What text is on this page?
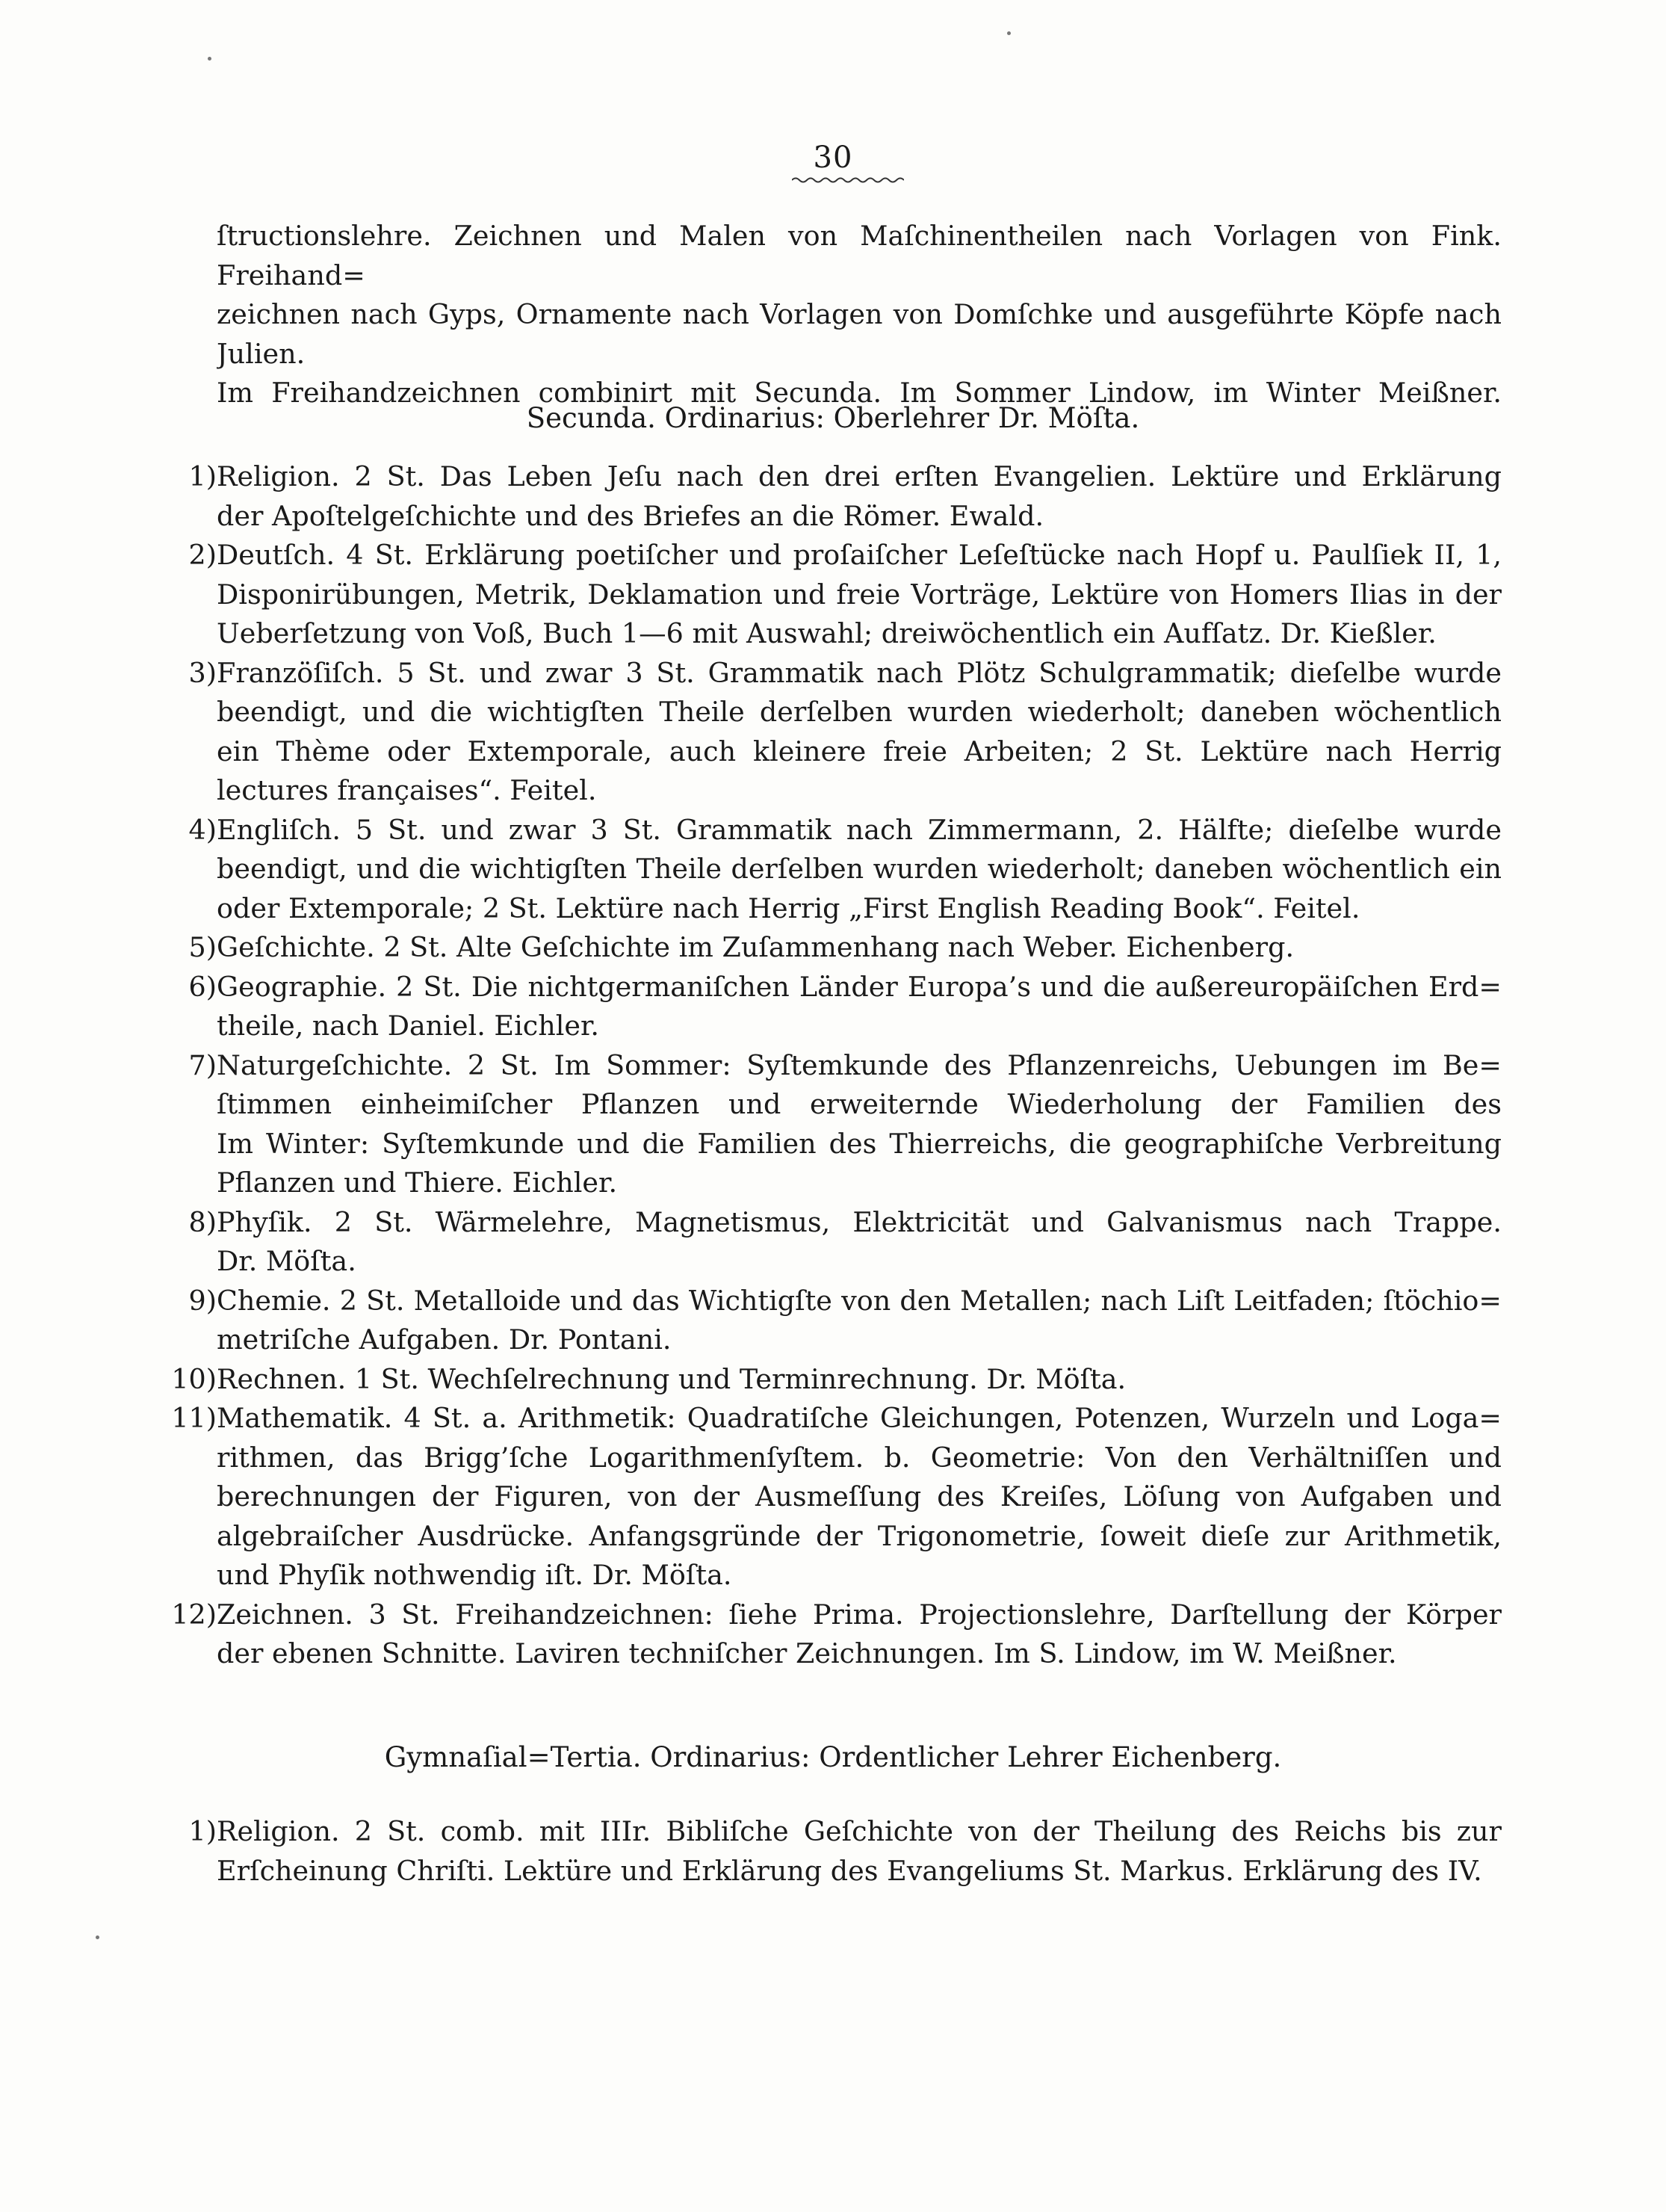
30
ſtructionslehre. Zeichnen und Malen von Maſchinentheilen nach Vorlagen von Fink. Freihand=
zeichnen nach Gyps, Ornamente nach Vorlagen von Domſchke und ausgeführte Köpfe nach Julien.
Im Freihandzeichnen combinirt mit Secunda. Im Sommer Lindow, im Winter Meißner.
Secunda. Ordinarius: Oberlehrer Dr. Möſta.
1) Religion. 2 St. Das Leben Jeſu nach den drei erſten Evangelien. Lektüre und Erklärung
der Apoſtelgeſchichte und des Briefes an die Römer. Ewald.
2) Deutſch. 4 St. Erklärung poetiſcher und proſaiſcher Leſeſtücke nach Hopf u. Paulſiek II, 1,
Disponirübungen, Metrik, Deklamation und freie Vorträge, Lektüre von Homers Ilias in der
Ueberſetzung von Voß, Buch 1—6 mit Auswahl; dreiwöchentlich ein Aufſatz. Dr. Kießler.
3) Franzöſiſch. 5 St. und zwar 3 St. Grammatik nach Plötz Schulgrammatik; dieſelbe wurde
beendigt, und die wichtigſten Theile derſelben wurden wiederholt; daneben wöchentlich
ein Thème oder Extemporale, auch kleinere freie Arbeiten; 2 St. Lektüre nach Herrig
lectures françaises“. Feitel.
4) Engliſch. 5 St. und zwar 3 St. Grammatik nach Zimmermann, 2. Hälfte; dieſelbe wurde
beendigt, und die wichtigſten Theile derſelben wurden wiederholt; daneben wöchentlich ein
oder Extemporale; 2 St. Lektüre nach Herrig „First English Reading Book“. Feitel.
5) Geſchichte. 2 St. Alte Geſchichte im Zuſammenhang nach Weber. Eichenberg.
6) Geographie. 2 St. Die nichtgermaniſchen Länder Europa’s und die außereuropäiſchen Erd=
theile, nach Daniel. Eichler.
7) Naturgeſchichte. 2 St. Im Sommer: Syſtemkunde des Pflanzenreichs, Uebungen im Be=
ſtimmen einheimiſcher Pflanzen und erweiternde Wiederholung der Familien des
Im Winter: Syſtemkunde und die Familien des Thierreichs, die geographiſche Verbreitung
Pflanzen und Thiere. Eichler.
8) Phyſik. 2 St. Wärmelehre, Magnetismus, Elektricität und Galvanismus nach Trappe.
Dr. Möſta.
9) Chemie. 2 St. Metalloide und das Wichtigſte von den Metallen; nach Liſt Leitfaden; ſtöchio=
metriſche Aufgaben. Dr. Pontani.
10) Rechnen. 1 St. Wechſelrechnung und Terminrechnung. Dr. Möſta.
11) Mathematik. 4 St. a. Arithmetik: Quadratiſche Gleichungen, Potenzen, Wurzeln und Loga=
rithmen, das Brigg’ſche Logarithmenſyſtem. b. Geometrie: Von den Verhältniſſen und
berechnungen der Figuren, von der Ausmeſſung des Kreiſes, Löſung von Aufgaben und
algebraiſcher Ausdrücke. Anfangsgründe der Trigonometrie, ſoweit dieſe zur Arithmetik,
und Phyſik nothwendig iſt. Dr. Möſta.
12) Zeichnen. 3 St. Freihandzeichnen: ſiehe Prima. Projectionslehre, Darſtellung der Körper
der ebenen Schnitte. Laviren techniſcher Zeichnungen. Im S. Lindow, im W. Meißner.
Gymnaſial=Tertia. Ordinarius: Ordentlicher Lehrer Eichenberg.
1) Religion. 2 St. comb. mit IIIr. Bibliſche Geſchichte von der Theilung des Reichs bis zur
Erſcheinung Chriſti. Lektüre und Erklärung des Evangeliums St. Markus. Erklärung des IV.
